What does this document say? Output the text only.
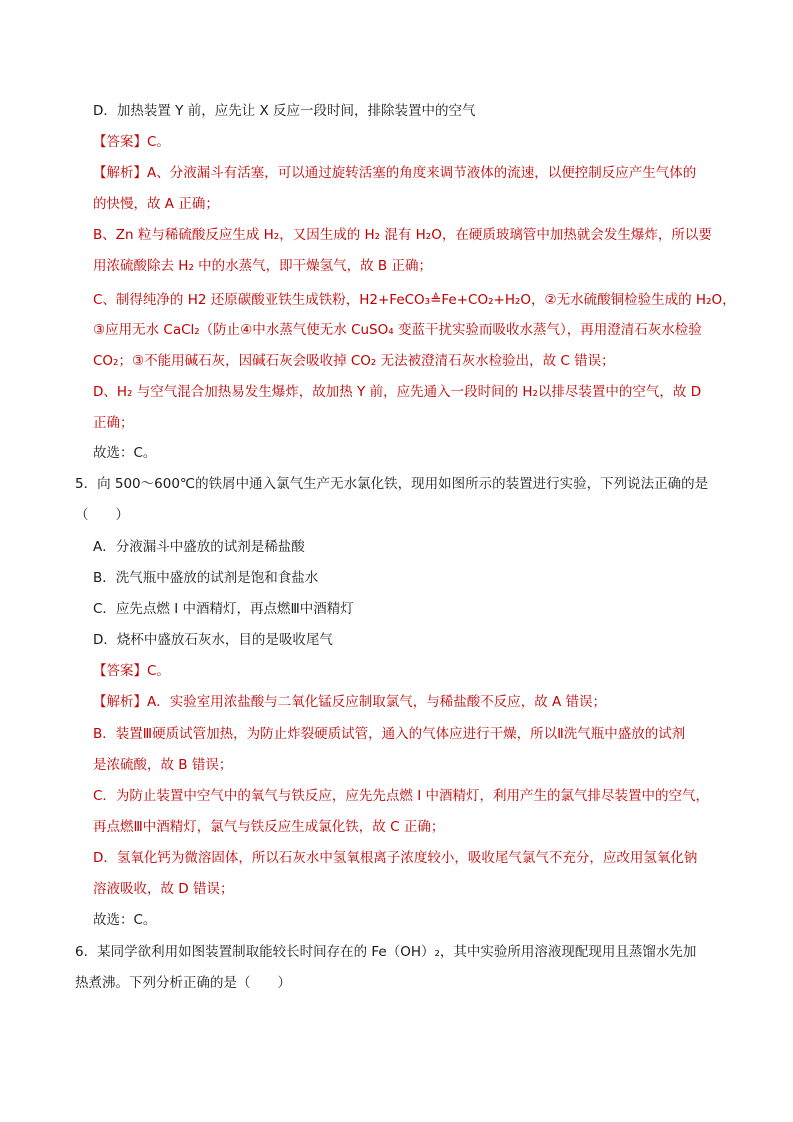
D．加热装置 Y 前，应先让 X 反应一段时间，排除装置中的空气
【答案】C。
【解析】A、分液漏斗有活塞，可以通过旋转活塞的角度来调节液体的流速，以便控制反应产生气体的
的快慢，故 A 正确；
B、Zn 粒与稀硫酸反应生成 H₂，又因生成的 H₂ 混有 H₂O，在硬质玻璃管中加热就会发生爆炸，所以要
用浓硫酸除去 H₂ 中的水蒸气，即干燥氢气，故 B 正确；
C、制得纯净的 H2 还原碳酸亚铁生成铁粉，H2+FeCO₃≜Fe+CO₂+H₂O，②无水硫酸铜检验生成的 H₂O，
③应用无水 CaCl₂（防止④中水蒸气使无水 CuSO₄ 变蓝干扰实验而吸收水蒸气），再用澄清石灰水检验
CO₂；③不能用碱石灰，因碱石灰会吸收掉 CO₂ 无法被澄清石灰水检验出，故 C 错误；
D、H₂ 与空气混合加热易发生爆炸，故加热 Y 前，应先通入一段时间的 H₂以排尽装置中的空气，故 D
正确；
故选：C。
5．向 500～600℃的铁屑中通入氯气生产无水氯化铁，现用如图所示的装置进行实验，下列说法正确的是
（　　）
A．分液漏斗中盛放的试剂是稀盐酸
B．洗气瓶中盛放的试剂是饱和食盐水
C．应先点燃 I 中酒精灯，再点燃Ⅲ中酒精灯
D．烧杯中盛放石灰水，目的是吸收尾气
【答案】C。
【解析】A．实验室用浓盐酸与二氧化锰反应制取氯气，与稀盐酸不反应，故 A 错误；
B．装置Ⅲ硬质试管加热，为防止炸裂硬质试管，通入的气体应进行干燥，所以Ⅱ洗气瓶中盛放的试剂
是浓硫酸，故 B 错误；
C．为防止装置中空气中的氧气与铁反应，应先先点燃 I 中酒精灯，利用产生的氯气排尽装置中的空气，
再点燃Ⅲ中酒精灯，氯气与铁反应生成氯化铁，故 C 正确；
D．氢氧化钙为微溶固体，所以石灰水中氢氧根离子浓度较小，吸收尾气氯气不充分，应改用氢氧化钠
溶液吸收，故 D 错误；
故选：C。
6．某同学欲利用如图装置制取能较长时间存在的 Fe（OH）₂，其中实验所用溶液现配现用且蒸馏水先加
热煮沸。下列分析正确的是（　　）
